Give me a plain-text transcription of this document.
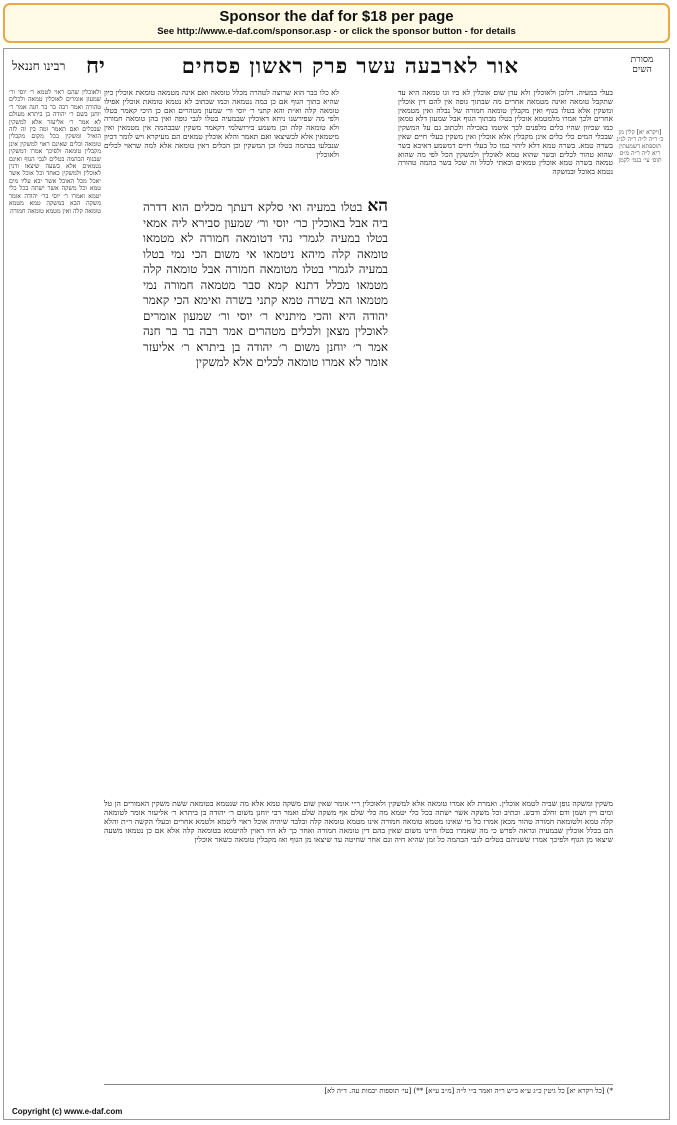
Sponsor the daf for $18 per page
See http://www.e-daf.com/sponsor.asp - or click the sponsor button - for details
מסורת השים
אור לארבעה עשר פרק ראשון פסחים
יח
רבינו חננאל
[ויקרא יא] קלין מן כ׳ ר״ה ל״ה ר״ה לג״ג תוספתא דשמעתין ריא ל״ה ר״ה מ״ס תוס׳ עי׳ בגמ׳ לקמן
ולאוכלין שהם ראוי לטמא ר׳ יוסי ור׳ שמעון אומרים לאוכלין טמאה ולכלים טהורה ואמר רבה בר בר חנה אמר ר׳ יוחנן בשם ר׳ יהודה בן ביתרא מעולם לא אמר ר׳ אליעזר אלא למשקין שבכלים ואם תאמר ומה בין זה לזה הואיל ומשקין בכל מקום מקבלין טומאה וכלים שאינם ראוי למשקין אינן מקבלין טומאה ולפיכך אמרו דמשקין שבגוף הבהמה בטלים לגבי הגוף ואינם נטמאים אלא בשעה שיצאו ודנין לאוכלין ולמשקין כאחד וכל אוכל אשר יאכל מכל האוכל אשר יבא עליו מים טמא וכל משקה אשר ישתה בכל כלי יטמא ואמרו ר׳ יוסי בר׳ יהודה אומר משקה הבא במשקה טמא מטמא טומאה קלה ואין מטמא טומאה חמורה
בעלי במעיה. דלוכן ולאוכלין ולא עדן שום אוכלין לא ביו וגו טמאה היא עד שתקבל טומאה ואינה מטמאה אחרים מה שבתוך גופה אין להם דין אוכלין ומשקין אלא בטלו בגוף ואין מקבלין טומאה חמורה של נבלה ואין מטמאין אחרים ולכך אמרו מלמטמא אוכלין בטלו מבתוך הגוף אבל שמעון דלא טמאן כמו שכיוון שהיו כלים מלפנים לכך איטמו באכילה ולכתוב גם על המשקין שבכלי המים כלי כלים אינן מקבלין אלא אוכלין ואין משקין בעלי חיים שאין בשרה טמא. בשרה טמא דלא ליהוי כמו כל בעלי חיים דמשמע דאיכא בשר שהוא טהור לכלים ובשר שהוא טמא לאוכלין ולמשקין הכל לפי מה שהוא טמאה בשרה טמא אוכלין טמאים ובאתי לכלל זה שכל בשר בהמה טהורה נטמא באוכל ובמשקה
לא כלו כבר הוא שרוצה לטהרה מכלל טומאה ואם אינה מטמאה טומאת אוכלין כיון שהיא בתוך הגוף אם כן במה נטמאה וכמו שכתוב לא נטמא טומאת אוכלין אפילו טומאה קלה וא״ת והא קתני ר׳ יוסי ור׳ שמעון מטהרים ואם כן היכי קאמר בטלו ולפי מה שפירשנו ניחא דאוכלין שבמעיה בטלו לגבי גופה ואין בהן טומאה חמורה ולא טומאה קלה וכן משמע בירושלמי דקאמר משקין שבבהמה אין מטמאין ואין מיטמאין אלא לכשיצאו ואם תאמר והלא אוכלין טמאים הם מעיקרא ויש לומר דכיון שנבלעו בבהמה בטלו וכן המשקין וכן הכלים דאין טומאה אלא למה שראוי לכלים ולאוכלין
הא בטלו במעיה ואי סלקא דעתך מכלים הוא דדרה ביה אבל באוכלין כר׳ יוסי ור׳ שמעון סבירא ליה אמאי בטלו במעיה לגמרי נהי דטומאה חמורה לא מטמאו טומאה קלה מיהא ניטמאו אי משום הכי נמי בטלו במעיה לגמרי בטלו מטומאה חמורה אבל טומאה קלה מטמאו מכלל דתנא קמא סבר מטמאה חמורה נמי מטמאו הא בשרה טמא קתני בשרה ואימא הכי קאמר יהודה היא והכי מיתניא ר׳ יוסי ור׳ שמעון אומרים לאוכלין מצאן ולכלים מטהרים אמר רבה בר בר חנה אמר ר׳ יוחנן משום ר׳ יהודה בן ביתרא ר׳ אליעזר אומר לא אמרו טומאה לכלים אלא למשקין
משקין ומשקה גופן שביה לטמא אוכלין. ואמרת לא אמרו טומאה אלא למשקין ולאוכלין ר״י אומר שאין שום משקה טמא אלא מה שנטמא בטומאה ששת משקין האמורים הן טל ומים ויין ושמן ודם וחלב ודבש. וכתיב וכל משקה אשר ישתה בכל כלי יטמא מה כלי שלם אף משקה שלם ואמר רבי יוחנן משום ר׳ יהודה בן ביתרא ר׳ אליעזר אומר לטומאה קלה טמא ולטומאה חמורה טהור מכאן אמרו כל מי שאינו מטמא טומאה חמורה אינו מטמא טומאה קלה ובלבד שיהיה אוכל ראוי ליטמא ולטמא אחרים ובעלי הקשה ר״ת והלא הם בכלל אוכלין שבמעיה ונראה לפרש כי מה שאמרו בטלו היינו משום שאין בהם דין טומאה חמורה ואחר כך לא היו ראוין להיטמא בטומאה קלה אלא אם כן נטמאו משעה שיצאו מן הגוף ולפיכך אמרו ששניהם בטלים לגבי הבהמה כל זמן שהיא חיה וגם אחר שחיטה עד שיצאו מן הגוף ואז מקבלין טומאה כשאר אוכלין
*) [כל ויקרא יא] כל גיטין כ״ג ע״א ב״ש ר״ה ואמר ב״י ל״ה [מ״ב ע״א] **) [עי׳ תוספות יבמות עה. ד״ה לא]
Copyright (c) www.e-daf.com
